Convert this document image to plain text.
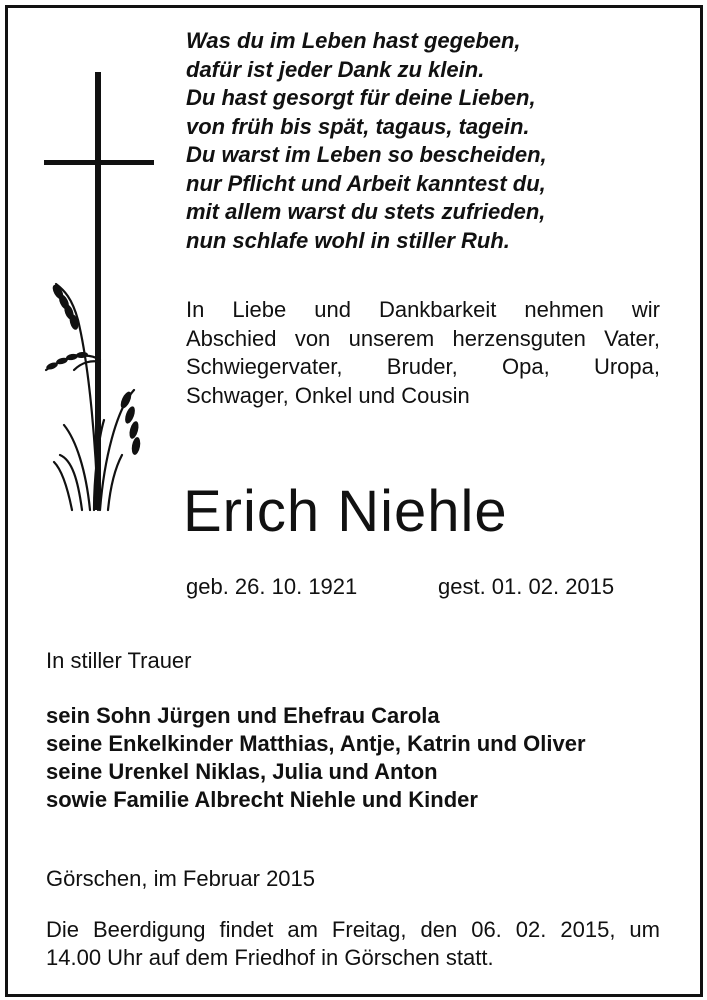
Was du im Leben hast gegeben,
dafür ist jeder Dank zu klein.
Du hast gesorgt für deine Lieben,
von früh bis spät, tagaus, tagein.
Du warst im Leben so bescheiden,
nur Pflicht und Arbeit kanntest du,
mit allem warst du stets zufrieden,
nun schlafe wohl in stiller Ruh.
In Liebe und Dankbarkeit nehmen wir
Abschied von unserem herzensguten Vater,
Schwiegervater, Bruder, Opa, Uropa,
Schwager, Onkel und Cousin
Erich Niehle
geb. 26. 10. 1921	gest. 01. 02. 2015
In stiller Trauer
sein Sohn Jürgen und Ehefrau Carola
seine Enkelkinder Matthias, Antje, Katrin und Oliver
seine Urenkel Niklas, Julia und Anton
sowie Familie Albrecht Niehle und Kinder
Görschen, im Februar 2015
Die Beerdigung findet am Freitag, den 06. 02. 2015, um
14.00 Uhr auf dem Friedhof in Görschen statt.
